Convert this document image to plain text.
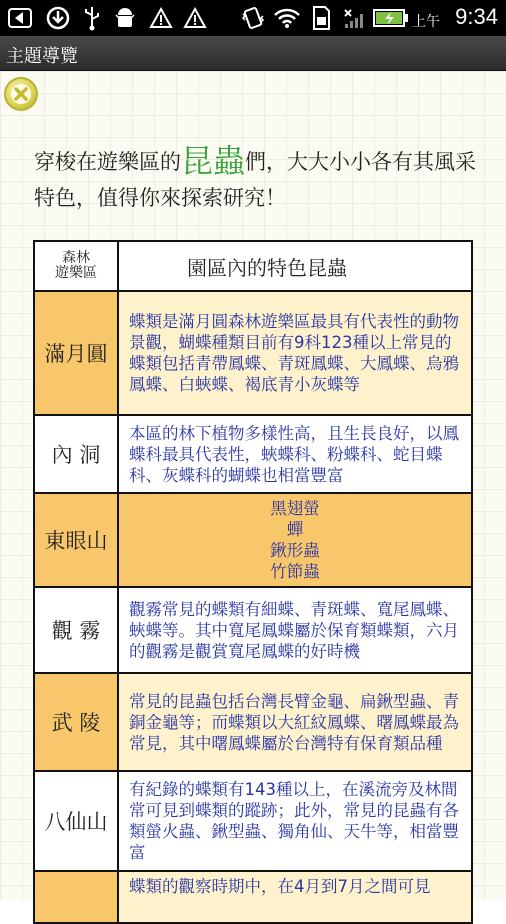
上午 9:34
主題導覽
穿梭在遊樂區的昆蟲們，大大小小各有其風采特色，值得你來探索研究！
森林
遊樂區	園區內的特色昆蟲
滿月圓	蝶類是滿月圓森林遊樂區最具有代表性的動物景觀，蝴蝶種類目前有9科123種以上常見的蝶類包括青帶鳳蝶、青斑鳳蝶、大鳳蝶、烏鴉鳳蝶、白蛺蝶、褐底青小灰蝶等
內 洞	本區的林下植物多樣性高，且生長良好，以鳳蝶科最具代表性，蛺蝶科、粉蝶科、蛇目蝶科、灰蝶科的蝴蝶也相當豐富
東眼山	黑翅螢
蟬
鍬形蟲
竹節蟲

觀 霧	觀霧常見的蝶類有細蝶、青斑蝶、寬尾鳳蝶、蛺蝶等。其中寬尾鳳蝶屬於保育類蝶類，六月的觀霧是觀賞寬尾鳳蝶的好時機
武 陵	常見的昆蟲包括台灣長臂金龜、扁鍬型蟲、青銅金龜等；而蝶類以大紅紋鳳蝶、曙鳳蝶最為常見，其中曙鳳蝶屬於台灣特有保育類品種
八仙山	有紀錄的蝶類有143種以上，在溪流旁及林間常可見到蝶類的蹤跡；此外，常見的昆蟲有各類螢火蟲、鍬型蟲、獨角仙、天牛等，相當豐富
	蝶類的觀察時期中，在4月到7月之間可見
